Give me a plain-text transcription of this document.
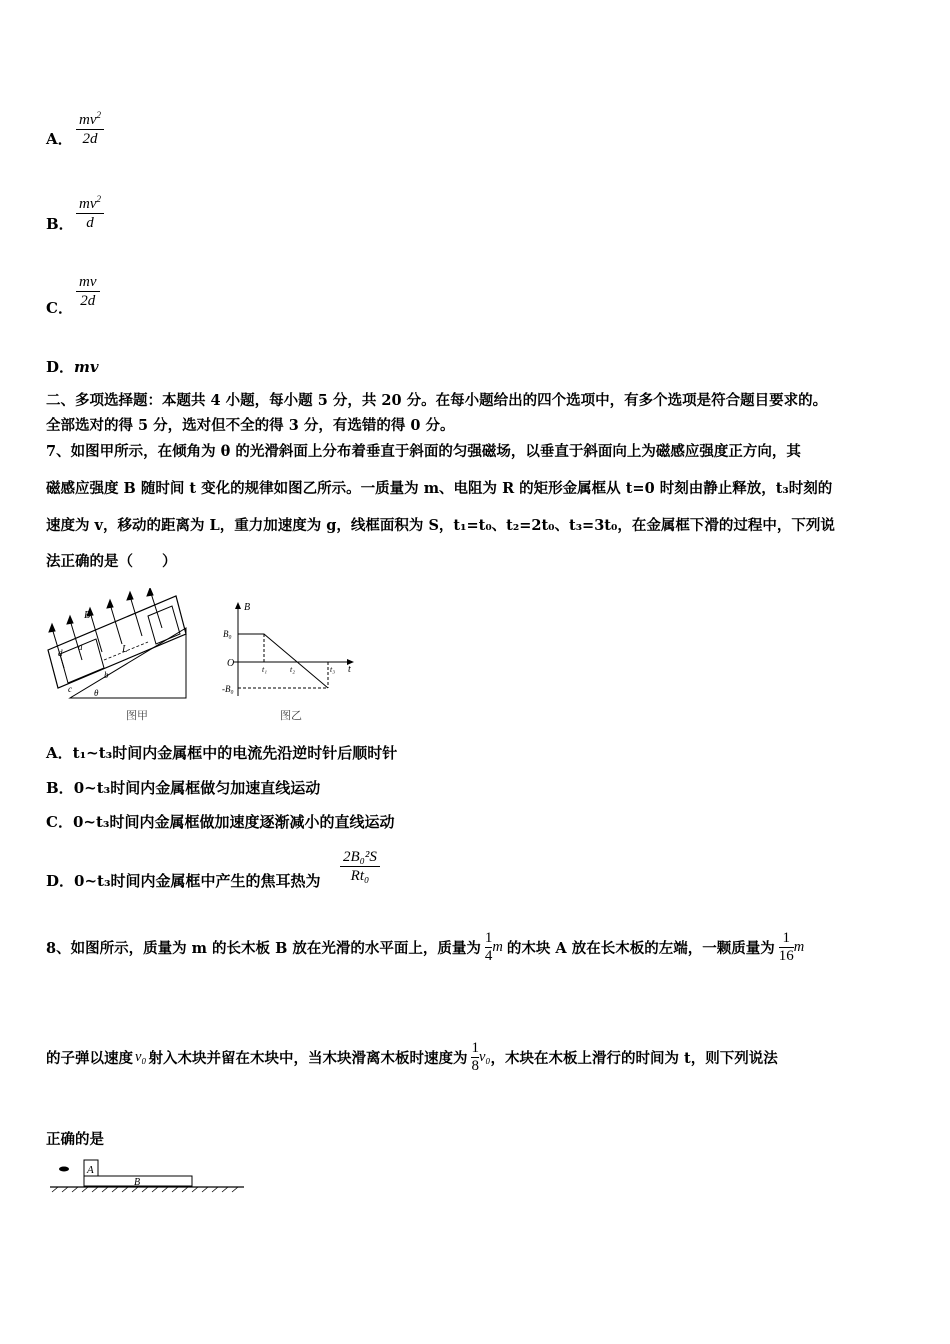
A．
$mv^2$
2d
B．
$mv^2$
d
C．
mv
2d
D．mv
二、多项选择题：本题共 4 小题，每小题 5 分，共 20 分。在每小题给出的四个选项中，有多个选项是符合题目要求的。
全部选对的得 5 分，选对但不全的得 3 分，有选错的得 0 分。
7、如图甲所示，在倾角为 θ 的光滑斜面上分布着垂直于斜面的匀强磁场，以垂直于斜面向上为磁感应强度正方向，其
磁感应强度 B 随时间 t 变化的规律如图乙所示。一质量为 m、电阻为 R 的矩形金属框从 t=0 时刻由静止释放，t₃时刻的
速度为 v，移动的距离为 L，重力加速度为 g，线框面积为 S，t₁=t₀、t₂=2t₀、t₃=3t₀，在金属框下滑的过程中，下列说
法正确的是（　　）
B
L
d
a
b
c θ
图甲
B
B₀
O
-B₀
t
t₁	t₂	t₃
图乙
A．t₁~t₃时间内金属框中的电流先沿逆时针后顺时针
B．0~t₃时间内金属框做匀加速直线运动
C．0~t₃时间内金属框做加速度逐渐减小的直线运动
D．0~t₃时间内金属框中产生的焦耳热为
2B₀²S
Rt₀
8、如图所示，质量为 m 的长木板 B 放在光滑的水平面上，质量为
1
4
m 的木块 A 放在长木板的左端，一颗质量为
1
16
m
的子弹以速度 v₀ 射入木块并留在木块中，当木块滑离木板时速度为
1
8
v₀ ，木块在木板上滑行的时间为 t，则下列说法
正确的是
A
B
